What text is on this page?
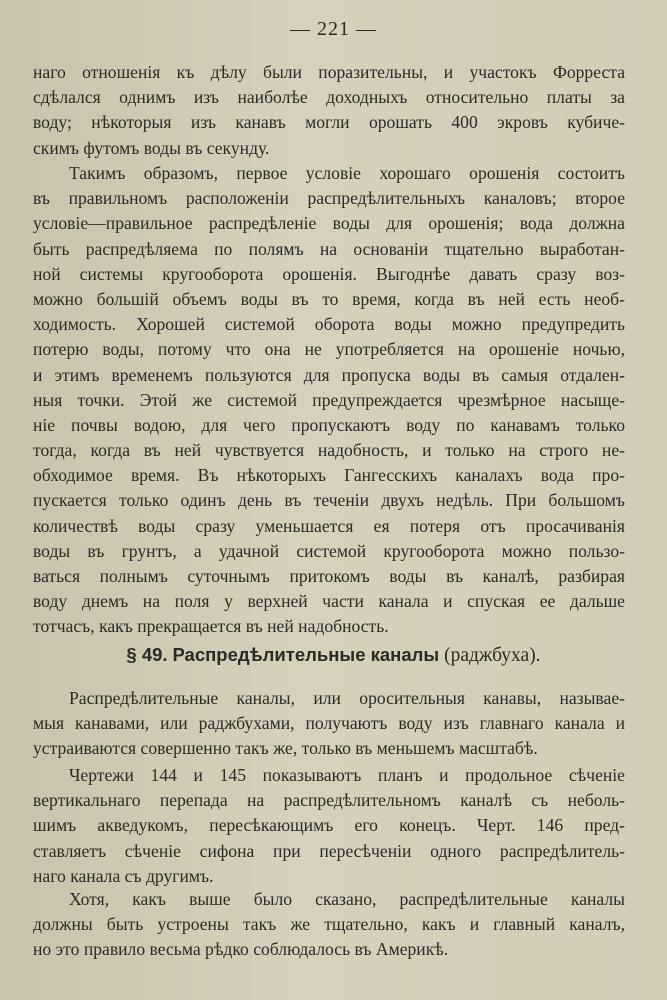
— 221 —
наго отношенія къ дѣлу были поразительны, и участокъ Форреста
сдѣлался однимъ изъ наиболѣе доходныхъ относительно платы за
воду; нѣкоторыя изъ канавъ могли орошать 400 экровъ кубиче-
скимъ футомъ воды въ секунду.
Такимъ образомъ, первое условіе хорошаго орошенія состоитъ
въ правильномъ расположеніи распредѣлительныхъ каналовъ; второе
условіе—правильное распредѣленіе воды для орошенія; вода должна
быть распредѣляема по полямъ на основаніи тщательно выработан-
ной системы кругооборота орошенія. Выгоднѣе давать сразу воз-
можно большій объемъ воды въ то время, когда въ ней есть необ-
ходимость. Хорошей системой оборота воды можно предупредить
потерю воды, потому что она не употребляется на орошеніе ночью,
и этимъ временемъ пользуются для пропуска воды въ самыя отдален-
ныя точки. Этой же системой предупреждается чрезмѣрное насыще-
ніе почвы водою, для чего пропускаютъ воду по канавамъ только
тогда, когда въ ней чувствуется надобность, и только на строго не-
обходимое время. Въ нѣкоторыхъ Гангесскихъ каналахъ вода про-
пускается только одинъ день въ теченіи двухъ недѣль. При большомъ
количествѣ воды сразу уменьшается ея потеря отъ просачиванія
воды въ грунтъ, а удачной системой кругооборота можно пользо-
ваться полнымъ суточнымъ притокомъ воды въ каналѣ, разбирая
воду днемъ на поля у верхней части канала и спуская ее дальше
тотчасъ, какъ прекращается въ ней надобность.
§ 49. Распредѣлительные каналы (раджбуха).
Распредѣлительные каналы, или оросительныя канавы, называе-
мыя канавами, или раджбухами, получаютъ воду изъ главнаго канала и
устраиваются совершенно такъ же, только въ меньшемъ масштабѣ.
Чертежи 144 и 145 показываютъ планъ и продольное сѣченіе
вертикальнаго перепада на распредѣлительномъ каналѣ съ неболь-
шимъ акведукомъ, пересѣкающимъ его конецъ. Черт. 146 пред-
ставляетъ сѣченіе сифона при пересѣченіи одного распредѣлитель-
наго канала съ другимъ.
Хотя, какъ выше было сказано, распредѣлительные каналы
должны быть устроены такъ же тщательно, какъ и главный каналъ,
но это правило весьма рѣдко соблюдалось въ Америкѣ.
